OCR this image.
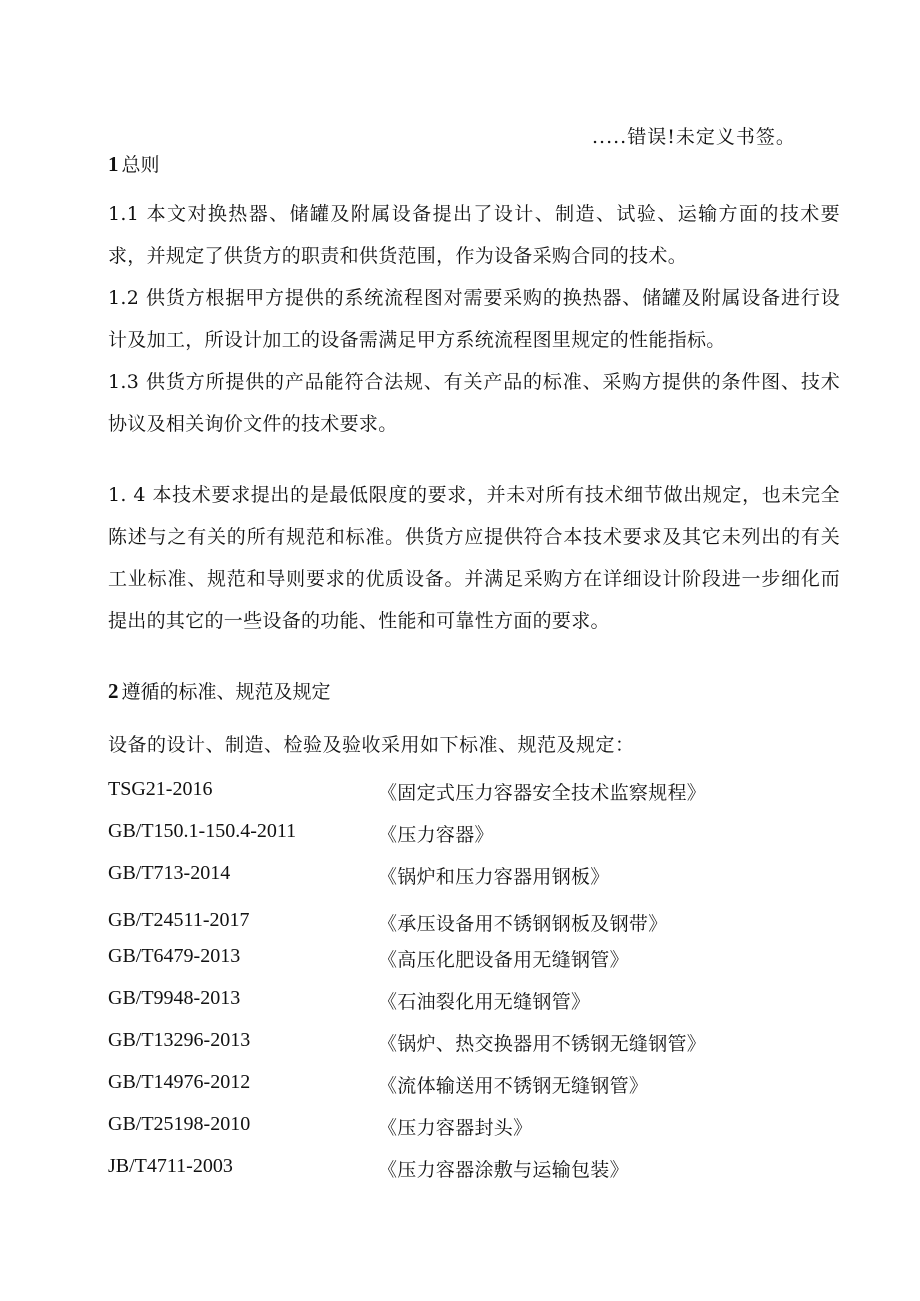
.....错误!未定义书签。
1 总则
1.1 本文对换热器、储罐及附属设备提出了设计、制造、试验、运输方面的技术要求，并规定了供货方的职责和供货范围，作为设备采购合同的技术。
1.2 供货方根据甲方提供的系统流程图对需要采购的换热器、储罐及附属设备进行设计及加工，所设计加工的设备需满足甲方系统流程图里规定的性能指标。
1.3 供货方所提供的产品能符合法规、有关产品的标准、采购方提供的条件图、技术协议及相关询价文件的技术要求。
1. 4 本技术要求提出的是最低限度的要求，并未对所有技术细节做出规定，也未完全陈述与之有关的所有规范和标准。供货方应提供符合本技术要求及其它未列出的有关工业标准、规范和导则要求的优质设备。并满足采购方在详细设计阶段进一步细化而提出的其它的一些设备的功能、性能和可靠性方面的要求。
2 遵循的标准、规范及规定
设备的设计、制造、检验及验收采用如下标准、规范及规定：
TSG21-2016	《固定式压力容器安全技术监察规程》
GB/T150.1-150.4-2011	《压力容器》
GB/T713-2014	《锅炉和压力容器用钢板》
GB/T24511-2017	《承压设备用不锈钢钢板及钢带》
GB/T6479-2013	《高压化肥设备用无缝钢管》
GB/T9948-2013	《石油裂化用无缝钢管》
GB/T13296-2013	《锅炉、热交换器用不锈钢无缝钢管》
GB/T14976-2012	《流体输送用不锈钢无缝钢管》
GB/T25198-2010	《压力容器封头》
JB/T4711-2003	《压力容器涂敷与运输包装》
